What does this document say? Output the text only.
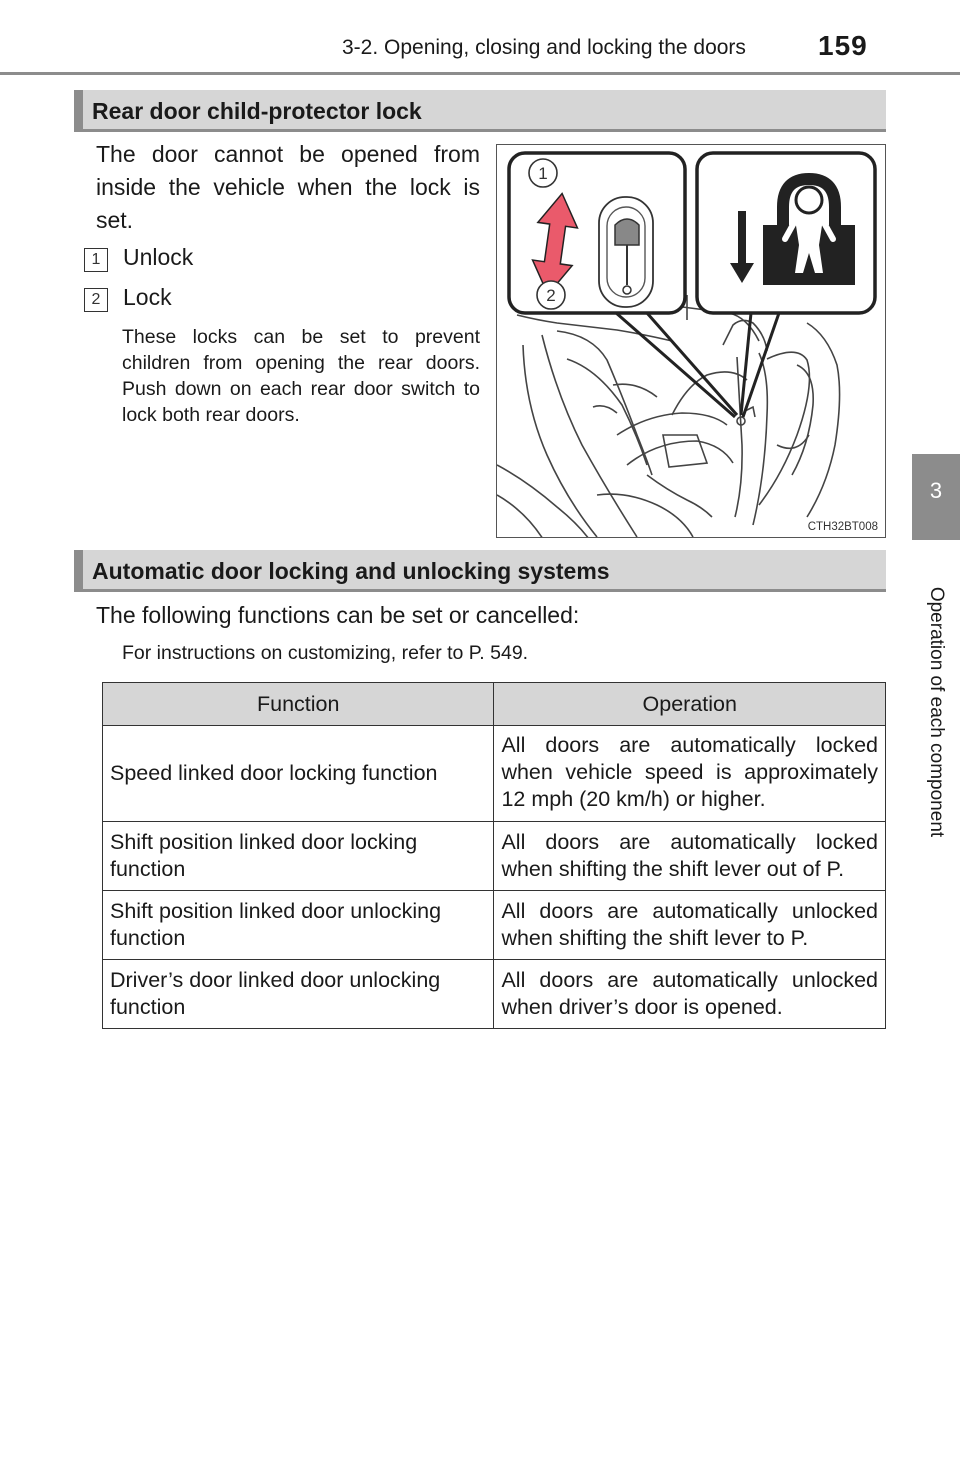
3-2. Opening, closing and locking the doors	159
3
Operation of each component
Rear door child-protector lock

The door cannot be opened from inside the vehicle when the lock is set.

1 Unlock
2 Lock

These locks can be set to prevent children from opening the rear doors. Push down on each rear door switch to lock both rear doors.

1
2
CTH32BT008
Automatic door locking and unlocking systems

The following functions can be set or cancelled:

For instructions on customizing, refer to P. 549.

Function	Operation
Speed linked door locking function	All doors are automatically locked when vehicle speed is approximately 12 mph (20 km/h) or higher.
Shift position linked door locking function	All doors are automatically locked when shifting the shift lever out of P.
Shift position linked door unlocking function	All doors are automatically unlocked when shifting the shift lever to P.
Driver’s door linked door unlocking function	All doors are automatically unlocked when driver’s door is opened.
